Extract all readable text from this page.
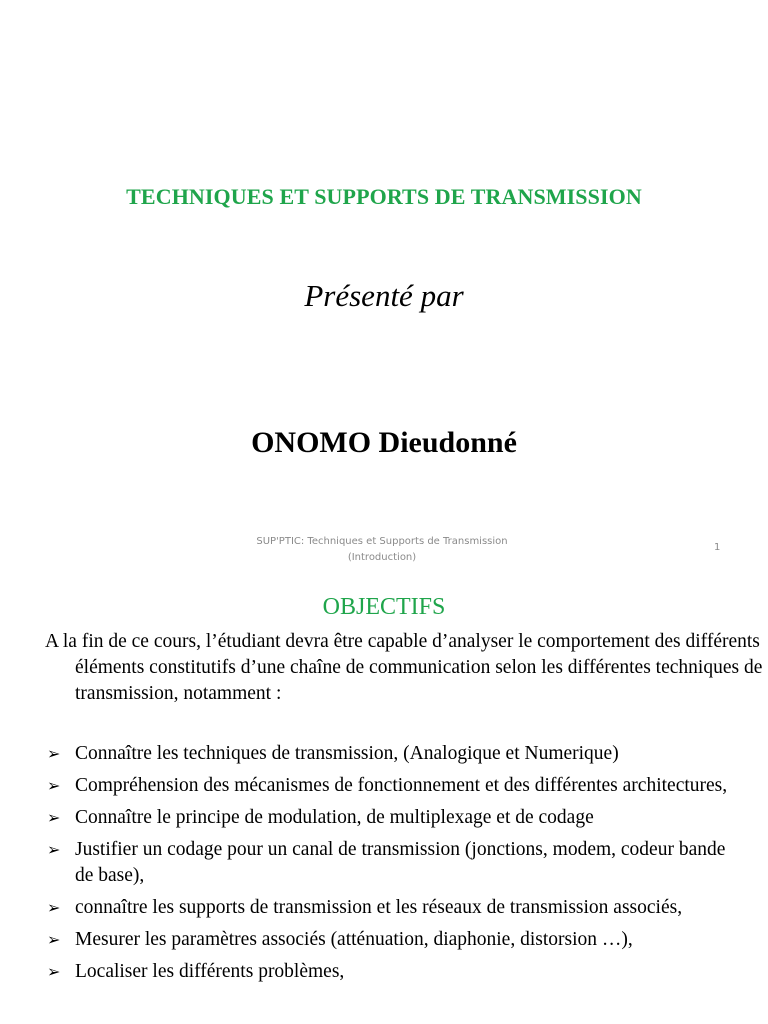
TECHNIQUES ET SUPPORTS DE TRANSMISSION
Présenté par
ONOMO Dieudonné
SUP'PTIC: Techniques et Supports de Transmission (Introduction)
1
OBJECTIFS
A la fin de ce cours, l’étudiant devra être capable d’analyser le comportement des différents éléments constitutifs d’une chaîne de communication selon les différentes techniques de transmission, notamment :
➢ Connaître les techniques de transmission, (Analogique et Numerique)
➢ Compréhension des mécanismes de fonctionnement et des différentes architectures,
➢ Connaître le principe de modulation, de multiplexage et de codage
➢ Justifier un codage pour un canal de transmission (jonctions, modem, codeur bande de base),
➢ connaître les supports de transmission et les réseaux de transmission associés,
➢ Mesurer les paramètres associés (atténuation, diaphonie, distorsion …),
➢ Localiser les différents problèmes,
